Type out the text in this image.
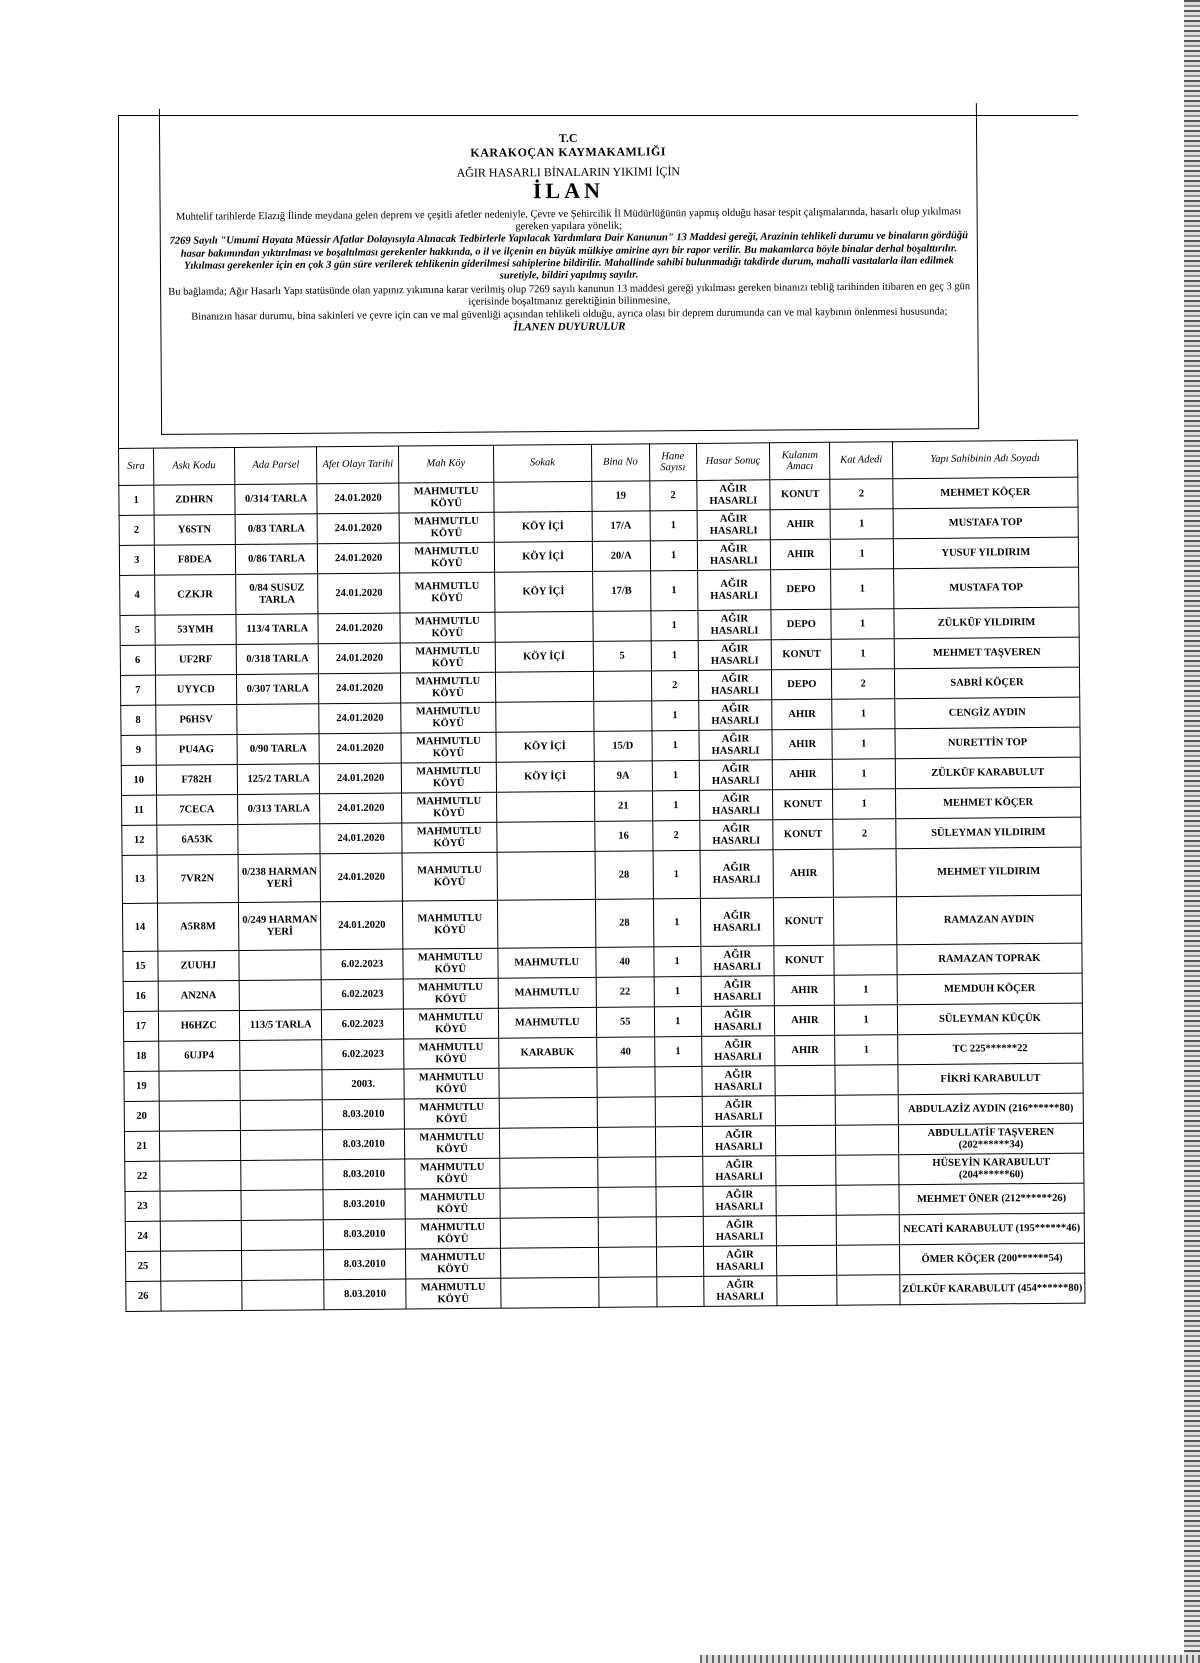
T.C
KARAKOÇAN KAYMAKAMLIĞI
AĞIR HASARLI BİNALARIN YIKIMI İÇİN
İLAN
Muhtelif tarihlerde Elazığ İlinde meydana gelen deprem ve çeşitli afetler nedeniyle, Çevre ve Şehircilik İl Müdürlüğünün yapmış olduğu hasar tespit çalışmalarında, hasarlı olup yıkılması gereken yapılara yönelik;
7269 Sayılı "Umumi Hayata Müessir Afatlar Dolayısıyla Alınacak Tedbirlerle Yapılacak Yardımlara Dair Kanunun" 13 Maddesi gereği, Arazinin tehlikeli durumu ve binaların gördüğü hasar bakımından yıktırılması ve boşaltılması gerekenler hakkında, o il ve ilçenin en büyük mülkiye amirine ayrı bir rapor verilir. Bu makamlarca böyle binalar derhal boşalttırılır. Yıkılması gerekenler için en çok 3 gün süre verilerek tehlikenin giderilmesi sahiplerine bildirilir. Mahallinde sahibi bulunmadığı takdirde durum, mahalli vasıtalarla ilan edilmek suretiyle, bildiri yapılmış sayılır.
Bu bağlamda; Ağır Hasarlı Yapı statüsünde olan yapınız yıkımına karar verilmiş olup 7269 sayılı kanunun 13 maddesi gereği yıkılması gereken binanızı tebliğ tarihinden itibaren en geç 3 gün içerisinde boşaltmanız gerektiğinin bilinmesine,
Binanızın hasar durumu, bina sakinleri ve çevre için can ve mal güvenliği açısından tehlikeli olduğu, ayrıca olası bir deprem durumunda can ve mal kaybının önlenmesi hususunda;
İLANEN DUYURULUR
Sıra	Askı Kodu	Ada Parsel	Afet Olayı Tarihi	Mah Köy	Sokak	Bina No	Hane Sayısı	Hasar Sonuç	Kulanım Amacı	Kat Adedi	Yapı Sahibinin Adı Soyadı
1	ZDHRN	0/314 TARLA	24.01.2020	MAHMUTLU KÖYÜ		19	2	AĞIR HASARLI	KONUT	2	MEHMET KÖÇER
2	Y6STN	0/83 TARLA	24.01.2020	MAHMUTLU KÖYÜ	KÖY İÇİ	17/A	1	AĞIR HASARLI	AHIR	1	MUSTAFA TOP
3	F8DEA	0/86 TARLA	24.01.2020	MAHMUTLU KÖYÜ	KÖY İÇİ	20/A	1	AĞIR HASARLI	AHIR	1	YUSUF YILDIRIM
4	CZKJR	0/84 SUSUZ TARLA	24.01.2020	MAHMUTLU KÖYÜ	KÖY İÇİ	17/B	1	AĞIR HASARLI	DEPO	1	MUSTAFA TOP
5	53YMH	113/4 TARLA	24.01.2020	MAHMUTLU KÖYÜ			1	AĞIR HASARLI	DEPO	1	ZÜLKÜF YILDIRIM
6	UF2RF	0/318 TARLA	24.01.2020	MAHMUTLU KÖYÜ	KÖY İÇİ	5	1	AĞIR HASARLI	KONUT	1	MEHMET TAŞVEREN
7	UYYCD	0/307 TARLA	24.01.2020	MAHMUTLU KÖYÜ			2	AĞIR HASARLI	DEPO	2	SABRİ KÖÇER
8	P6HSV		24.01.2020	MAHMUTLU KÖYÜ			1	AĞIR HASARLI	AHIR	1	CENGİZ AYDIN
9	PU4AG	0/90 TARLA	24.01.2020	MAHMUTLU KÖYÜ	KÖY İÇİ	15/D	1	AĞIR HASARLI	AHIR	1	NURETTİN TOP
10	F782H	125/2 TARLA	24.01.2020	MAHMUTLU KÖYÜ	KÖY İÇİ	9A	1	AĞIR HASARLI	AHIR	1	ZÜLKÜF KARABULUT
11	7CECA	0/313 TARLA	24.01.2020	MAHMUTLU KÖYÜ		21	1	AĞIR HASARLI	KONUT	1	MEHMET KÖÇER
12	6A53K		24.01.2020	MAHMUTLU KÖYÜ		16	2	AĞIR HASARLI	KONUT	2	SÜLEYMAN YILDIRIM
13	7VR2N	0/238 HARMAN YERİ	24.01.2020	MAHMUTLU KÖYÜ		28	1	AĞIR HASARLI	AHIR		MEHMET YILDIRIM
14	A5R8M	0/249 HARMAN YERİ	24.01.2020	MAHMUTLU KÖYÜ		28	1	AĞIR HASARLI	KONUT		RAMAZAN AYDIN
15	ZUUHJ		6.02.2023	MAHMUTLU KÖYÜ	MAHMUTLU	40	1	AĞIR HASARLI	KONUT		RAMAZAN TOPRAK
16	AN2NA		6.02.2023	MAHMUTLU KÖYÜ	MAHMUTLU	22	1	AĞIR HASARLI	AHIR	1	MEMDUH KÖÇER
17	H6HZC	113/5 TARLA	6.02.2023	MAHMUTLU KÖYÜ	MAHMUTLU	55	1	AĞIR HASARLI	AHIR	1	SÜLEYMAN KÜÇÜK
18	6UJP4		6.02.2023	MAHMUTLU KÖYÜ	KARABUK	40	1	AĞIR HASARLI	AHIR	1	TC 225******22
19			2003.	MAHMUTLU KÖYÜ				AĞIR HASARLI			FİKRİ KARABULUT
20			8.03.2010	MAHMUTLU KÖYÜ				AĞIR HASARLI			ABDULAZİZ AYDIN (216******80)
21			8.03.2010	MAHMUTLU KÖYÜ				AĞIR HASARLI			ABDULLATİF TAŞVEREN (202******34)
22			8.03.2010	MAHMUTLU KÖYÜ				AĞIR HASARLI			HÜSEYİN KARABULUT (204******60)
23			8.03.2010	MAHMUTLU KÖYÜ				AĞIR HASARLI			MEHMET ÖNER (212******26)
24			8.03.2010	MAHMUTLU KÖYÜ				AĞIR HASARLI			NECATİ KARABULUT (195******46)
25			8.03.2010	MAHMUTLU KÖYÜ				AĞIR HASARLI			ÖMER KÖÇER (200******54)
26			8.03.2010	MAHMUTLU KÖYÜ				AĞIR HASARLI			ZÜLKÜF KARABULUT (454******80)
